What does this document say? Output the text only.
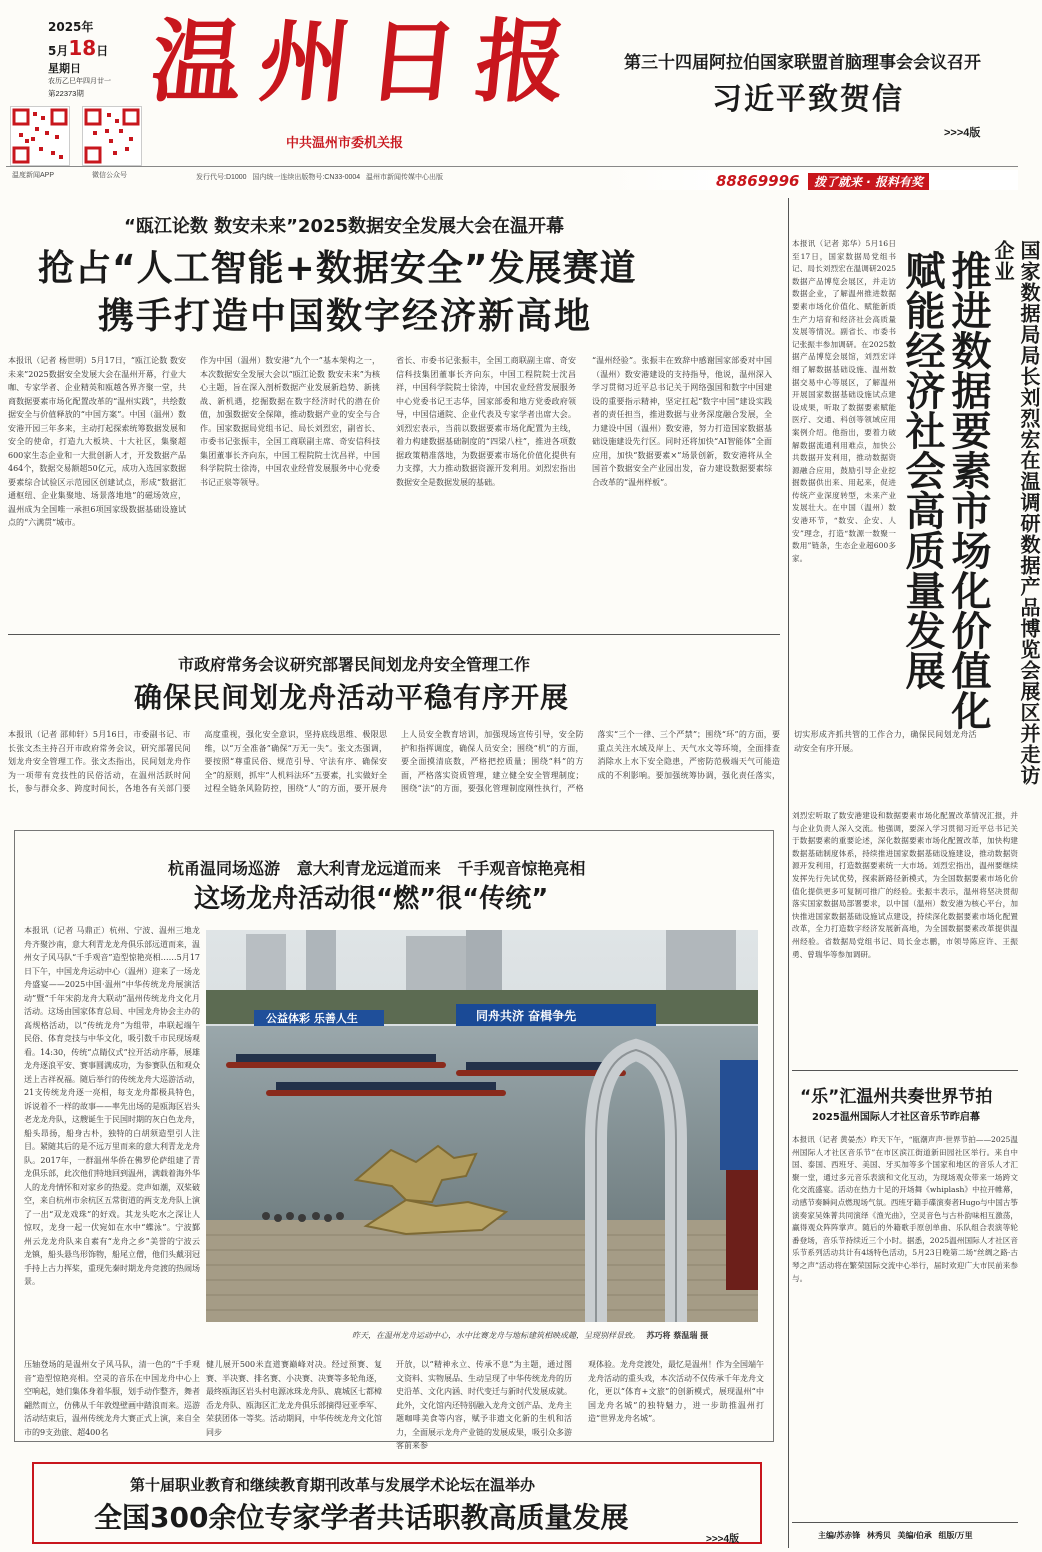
2025年
5月18日
星期日
农历乙巳年四月廿一
第22373期
温度新闻APP	微信公众号
温州日报
中共温州市委机关报
第三十四届阿拉伯国家联盟首脑理事会会议召开
习近平致贺信
>>>4版
发行代号:D1000   国内统一连续出版物号:CN33-0004   温州市新闻传媒中心出版	88869996	拨了就来 · 报料有奖
“瓯江论数 数安未来”2025数据安全发展大会在温开幕
抢占“人工智能+数据安全”发展赛道
携手打造中国数字经济新高地
本报讯（记者 杨世明）5月17日，“瓯江论数 数安未来”2025数据安全发展大会在温州开幕，行业大咖、专家学者、企业精英和瓯越各界齐聚一堂，共商数据要素市场化配置改革的“温州实践”，共绘数据安全与价值释放的“中国方案”。中国（温州）数安港开园三年多来，主动打起探索统筹数据发展和安全的使命，打造九大板块、十大社区，集聚超600家生态企业和一大批创新人才，开发数据产品464个，数据交易额超50亿元，成功入选国家数据要素综合试验区示范园区创建试点，形成“数据汇通枢纽、企业集聚地、场景落地地”的磁场效应，温州成为全国唯一承担6项国家级数据基础设施试点的“六满贯”城市。
作为中国（温州）数安港“九个一”基本架构之一，本次数据安全发展大会以“瓯江论数 数安未来”为核心主题，旨在深入剖析数据产业发展新趋势、新挑战、新机遇，挖掘数据在数字经济时代的潜在价值，加强数据安全保障，推动数据产业的安全与合作。国家数据局党组书记、局长刘烈宏，副省长、市委书记张振丰，全国工商联副主席、奇安信科技集团董事长齐向东，中国工程院院士沈昌祥，中国科学院院士徐涛，中国农业经营发展服务中心党委书记正泉等领导。
省长、市委书记张振丰，全国工商联副主席、奇安信科技集团董事长齐向东，中国工程院院士沈昌祥，中国科学院院士徐涛，中国农业经营发展服务中心党委书记王志华，国家部委和地方党委政府领导，中国信通院、企业代表及专家学者出席大会。刘烈宏表示，当前以数据要素市场化配置为主线，着力构建数据基础制度的“四梁八柱”，推进各项数据政策精准落地，为数据要素市场化价值化提供有力支撑，大力推动数据资源开发利用。刘烈宏指出数据安全是数据发展的基础。
“温州经验”。张振丰在致辞中感谢国家部委对中国（温州）数安港建设的支持指导，他说，温州深入学习贯彻习近平总书记关于网络强国和数字中国建设的重要指示精神，坚定扛起“数字中国”建设实践者的责任担当，推进数据与业务深度融合发展，全力建设中国（温州）数安港，努力打造国家数据基础设施建设先行区。同时还将加快“AI智能体”全面应用，加快“数据要素×”场景创新，数安港将从全国首个数据安全产业园出发，奋力建设数据要素综合改革的“温州样板”。
市政府常务会议研究部署民间划龙舟安全管理工作
确保民间划龙舟活动平稳有序开展
本报讯（记者 邵帅轩）5月16日，市委副书记、市长张文杰主持召开市政府常务会议，研究部署民间划龙舟安全管理工作。张文杰指出，民间划龙舟作为一项带有竞技性的民俗活动，在温州活跃时间长，参与群众多、跨度时间长，各地各有关部门要高度重视，强化安全意识，坚持底线思维、极限思维，以“万全准备”确保“万无一失”。张文杰强调，要按照“尊重民俗、规范引导、守法有序、确保安全”的原则，抓牢“人机料法环”五要素，扎实做好全过程全链条风险防控，围绕“人”的方面，要开展舟上人员安全教育培训，加强现场宣传引导，安全防护和指挥调度，确保人员安全；围绕“机”的方面，要全面摸清底数，严格把控质量；围绕“料”的方面，严格落实资质管理，建立健全安全管理制度；围绕“法”的方面，要强化管理制度刚性执行，严格落实“三个一律、三个严禁”；围绕“环”的方面，要重点关注水域及岸上、天气水文等环境，全面排查消除水上水下安全隐患，严密防范极端天气可能造成的不利影响。要加强统筹协调，强化责任落实，切实形成齐抓共管的工作合力，确保民间划龙舟活动安全有序开展。
杭甬温同场巡游   意大利青龙远道而来   千手观音惊艳亮相
这场龙舟活动很“燃”很“传统”
本报讯（记者 马鼎正）杭州、宁波、温州三地龙舟齐聚沙南，意大利青龙龙舟俱乐部远道而来，温州女子风马队“千手观音”造型惊艳亮相……5月17日下午，中国龙舟运动中心（温州）迎来了一场龙舟盛宴——2025中国·温州“中华传统龙舟展演活动”暨“千年宋韵龙舟大联动”温州传统龙舟文化月活动。这场由国家体育总局、中国龙舟协会主办的高规格活动，以“传统龙舟”为组带，串联起端午民俗、体育竞技与中华文化，吸引数千市民现场观看。14:30，传统“点睛仪式”拉开活动序幕，展雄龙舟逐浪平安、赛事圆满成功，为参赛队伍和观众送上吉祥祝福。随后举行的传统龙舟大巡游活动，21支传统龙舟逐一亮相，每支龙舟都极具特色，诉说着不一样的故事——率先出场的是瓯海区岩头老龙龙舟队，这艘诞生于民国时期的灰白色龙舟，船头昂扬，船身古朴，独特的白胡须造型引人注目。紧随其后的是不远万里而来的意大利青龙龙舟队。2017年，一群温州华侨在佛罗伦萨组建了青龙俱乐部，此次他们特地回到温州，满载着海外华人的龙舟情怀和对家乡的热爱。竞声如潮，双桨破空，来自杭州市余杭区五常街道的两支龙舟队上演了一出“双龙戏珠”的好戏。其龙头吃水之深让人惊叹，龙身一起一伏宛如在水中“蝶泳”。宁波鄞州云龙龙舟队来自素有“龙舟之乡”美誉的宁波云龙镇，船头悬鸟形饰物，船尾立僧，他们头戴羽冠手持上古力挥桨，重现先秦时期龙舟竞渡的热闹场景。
公益体彩 乐善人生	同舟共济 奋楫争先
昨天，在温州龙舟运动中心，水中比赛龙舟与地标建筑相映成趣，呈现别样景致。 苏巧将 蔡温瑞 摄
压轴登场的是温州女子风马队，清一色的“千手观音”造型惊艳亮相。空灵的音乐在中国龙舟中心上空响起，她们集体身着华服，划手动作整齐，舞者翩然而立，仿佛从千年敦煌壁画中踏浪而来。巡游活动结束后，温州传统龙舟大赛正式上演，来自全市的9支劲旅、超400名
健儿展开500米直道赛巅峰对决。经过预赛、复赛、半决赛、排名赛、小决赛、决赛等多轮角逐，最终瓯海区岩头村电源冰珠龙舟队、鹿城区七都樟岙龙舟队、瓯海区汇龙龙舟俱乐部摘得冠亚季军、荣获团体一等奖。活动期间，中华传统龙舟文化馆同步
开放，以“精神永立、传承不息”为主题，通过图文资料、实物展品、生动呈现了中华传统龙舟的历史沿革、文化内涵、时代变迁与新时代发展成就。此外，文化馆内还特别融入龙舟文创产品、龙舟主题咖啡美食等内容，赋予非遗文化新的生机和活力，全面展示龙舟产业链的发展成果，吸引众多游客前来参
观体验。龙舟竞渡处，最忆是温州！作为全国端午龙舟活动的重头戏，本次活动不仅传承千年龙舟文化，更以“体育+文旅”的创新模式，展现温州“中国龙舟名城”的独特魅力，进一步助推温州打造“世界龙舟名城”。
第十届职业教育和继续教育期刊改革与发展学术论坛在温举办
全国300余位专家学者共话职教高质量发展
>>>4版
国家数据局局长刘烈宏在温调研数据产品博览会展区并走访企业
推进数据要素市场化价值化
赋能经济社会高质量发展
本报讯（记者 郑华）5月16日至17日，国家数据局党组书记、局长刘烈宏在温调研2025数据产品博览会展区，并走访数据企业，了解温州推进数据要素市场化价值化、赋能新质生产力培育和经济社会高质量发展等情况。副省长、市委书记张振丰参加调研。在2025数据产品博览会展馆，刘烈宏详细了解数据基础设施、温州数据交易中心等展区，了解温州开展国家数据基础设施试点建设成果，听取了数据要素赋能医疗、交通、科创等领域应用案例介绍。他指出，要着力破解数据流通利用难点，加快公共数据开发利用，推动数据资源融合应用，鼓励引导企业挖掘数据供出来、用起来，促进传统产业深度转型，未来产业发展壮大。在中国（温州）数安港环节，“数安、企安、人安”理念，打造“数源一数聚一数用”链条，生态企业超600多家。
刘烈宏听取了数安港建设和数据要素市场化配置改革情况汇报，并与企业负责人深入交流。他强调，要深入学习贯彻习近平总书记关于数据要素的重要论述，深化数据要素市场化配置改革，加快构建数据基础制度体系，持续推进国家数据基础设施建设，推动数据资源开发利用，打造数据要素统一大市场。刘烈宏指出，温州要继续发挥先行先试优势，探索新路径新模式，为全国数据要素市场化价值化提供更多可复制可推广的经验。张振丰表示，温州将坚决贯彻落实国家数据局部署要求，以中国（温州）数安港为核心平台，加快推进国家数据基础设施试点建设，持续深化数据要素市场化配置改革，全力打造数字经济发展新高地，为全国数据要素改革提供温州经验。省数据局党组书记、局长金志鹏，市领导陈应许、王振勇、曾瑞华等参加调研。
“乐”汇温州共奏世界节拍
2025温州国际人才社区音乐节昨启幕
本报讯（记者 黄晏杰）昨天下午，“瓯潮声声·世界节拍——2025温州国际人才社区音乐节”在市区滨江街道新田园社区举行。来自中国、泰国、西班牙、美国、牙买加等多个国家和地区的音乐人才汇聚一堂，通过多元音乐表演和文化互动，为现场观众带来一场跨文化交流盛宴。活动在热力十足的开场舞《whiplash》中拉开帷幕，动感节奏瞬间点燃现场气氛。西班牙籍手碟演奏者Hugo与中国古筝演奏家吴姝菁共同演绎《渔光曲》，空灵音色与古朴韵味相互激荡，赢得观众阵阵掌声。随后的外籍歌手原创单曲、乐队组合表演等轮番登场，音乐节持续近三个小时。据悉，2025温州国际人才社区音乐节系列活动共计有4场特色活动，5月23日晚第二场“丝绸之路·古琴之声”活动将在繁荣国际交流中心举行，届时欢迎广大市民前来参与。
主编/苏赤锋   林秀贝   美编/伯承   组版/万里
